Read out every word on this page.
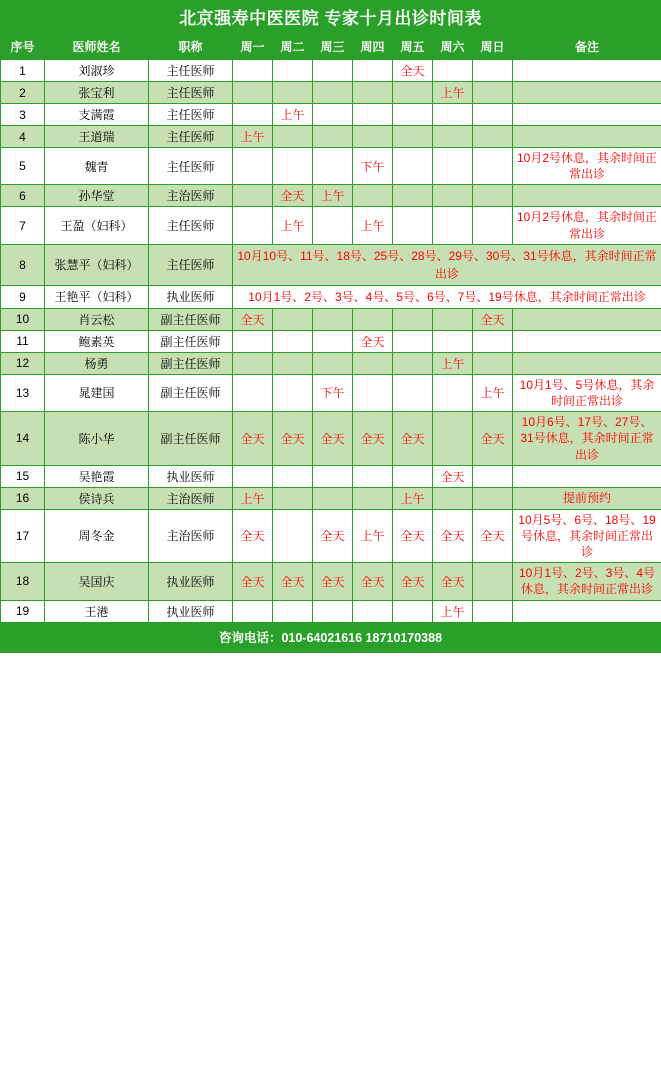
北京强寿中医医院 专家十月出诊时间表
序号	医师姓名	职称	周一	周二	周三	周四	周五	周六	周日	备注
1	刘淑珍	主任医师					全天			
2	张宝利	主任医师						上午		
3	支满霞	主任医师		上午						
4	王道瑞	主任医师	上午							
5	魏青	主任医师				下午				10月2号休息，其余时间正常出诊
6	孙华堂	主治医师		全天	上午					
7	王盈（妇科）	主任医师		上午		上午				10月2号休息，其余时间正常出诊
8	张慧平（妇科）	主任医师	10月10号、11号、18号、25号、28号、29号、30号、31号休息，其余时间正常出诊							
9	王艳平（妇科）	执业医师	10月1号、2号、3号、4号、5号、6号、7号、19号休息，其余时间正常出诊							
10	肖云松	副主任医师	全天						全天	
11	鲍素英	副主任医师				全天				
12	杨勇	副主任医师						上午		
13	晁建国	副主任医师			下午				上午	10月1号、5号休息，其余时间正常出诊
14	陈小华	副主任医师	全天	全天	全天	全天	全天		全天	10月6号、17号、27号、31号休息，其余时间正常出诊
15	吴艳霞	执业医师						全天		
16	侯诗兵	主治医师	上午				上午			提前预约
17	周冬金	主治医师	全天		全天	上午	全天	全天	全天	10月5号、6号、18号、19号休息，其余时间正常出诊
18	吴国庆	执业医师	全天	全天	全天	全天	全天	全天		10月1号、2号、3号、4号休息，其余时间正常出诊
19	王港	执业医师						上午		
咨询电话：010-64021616 18710170388
